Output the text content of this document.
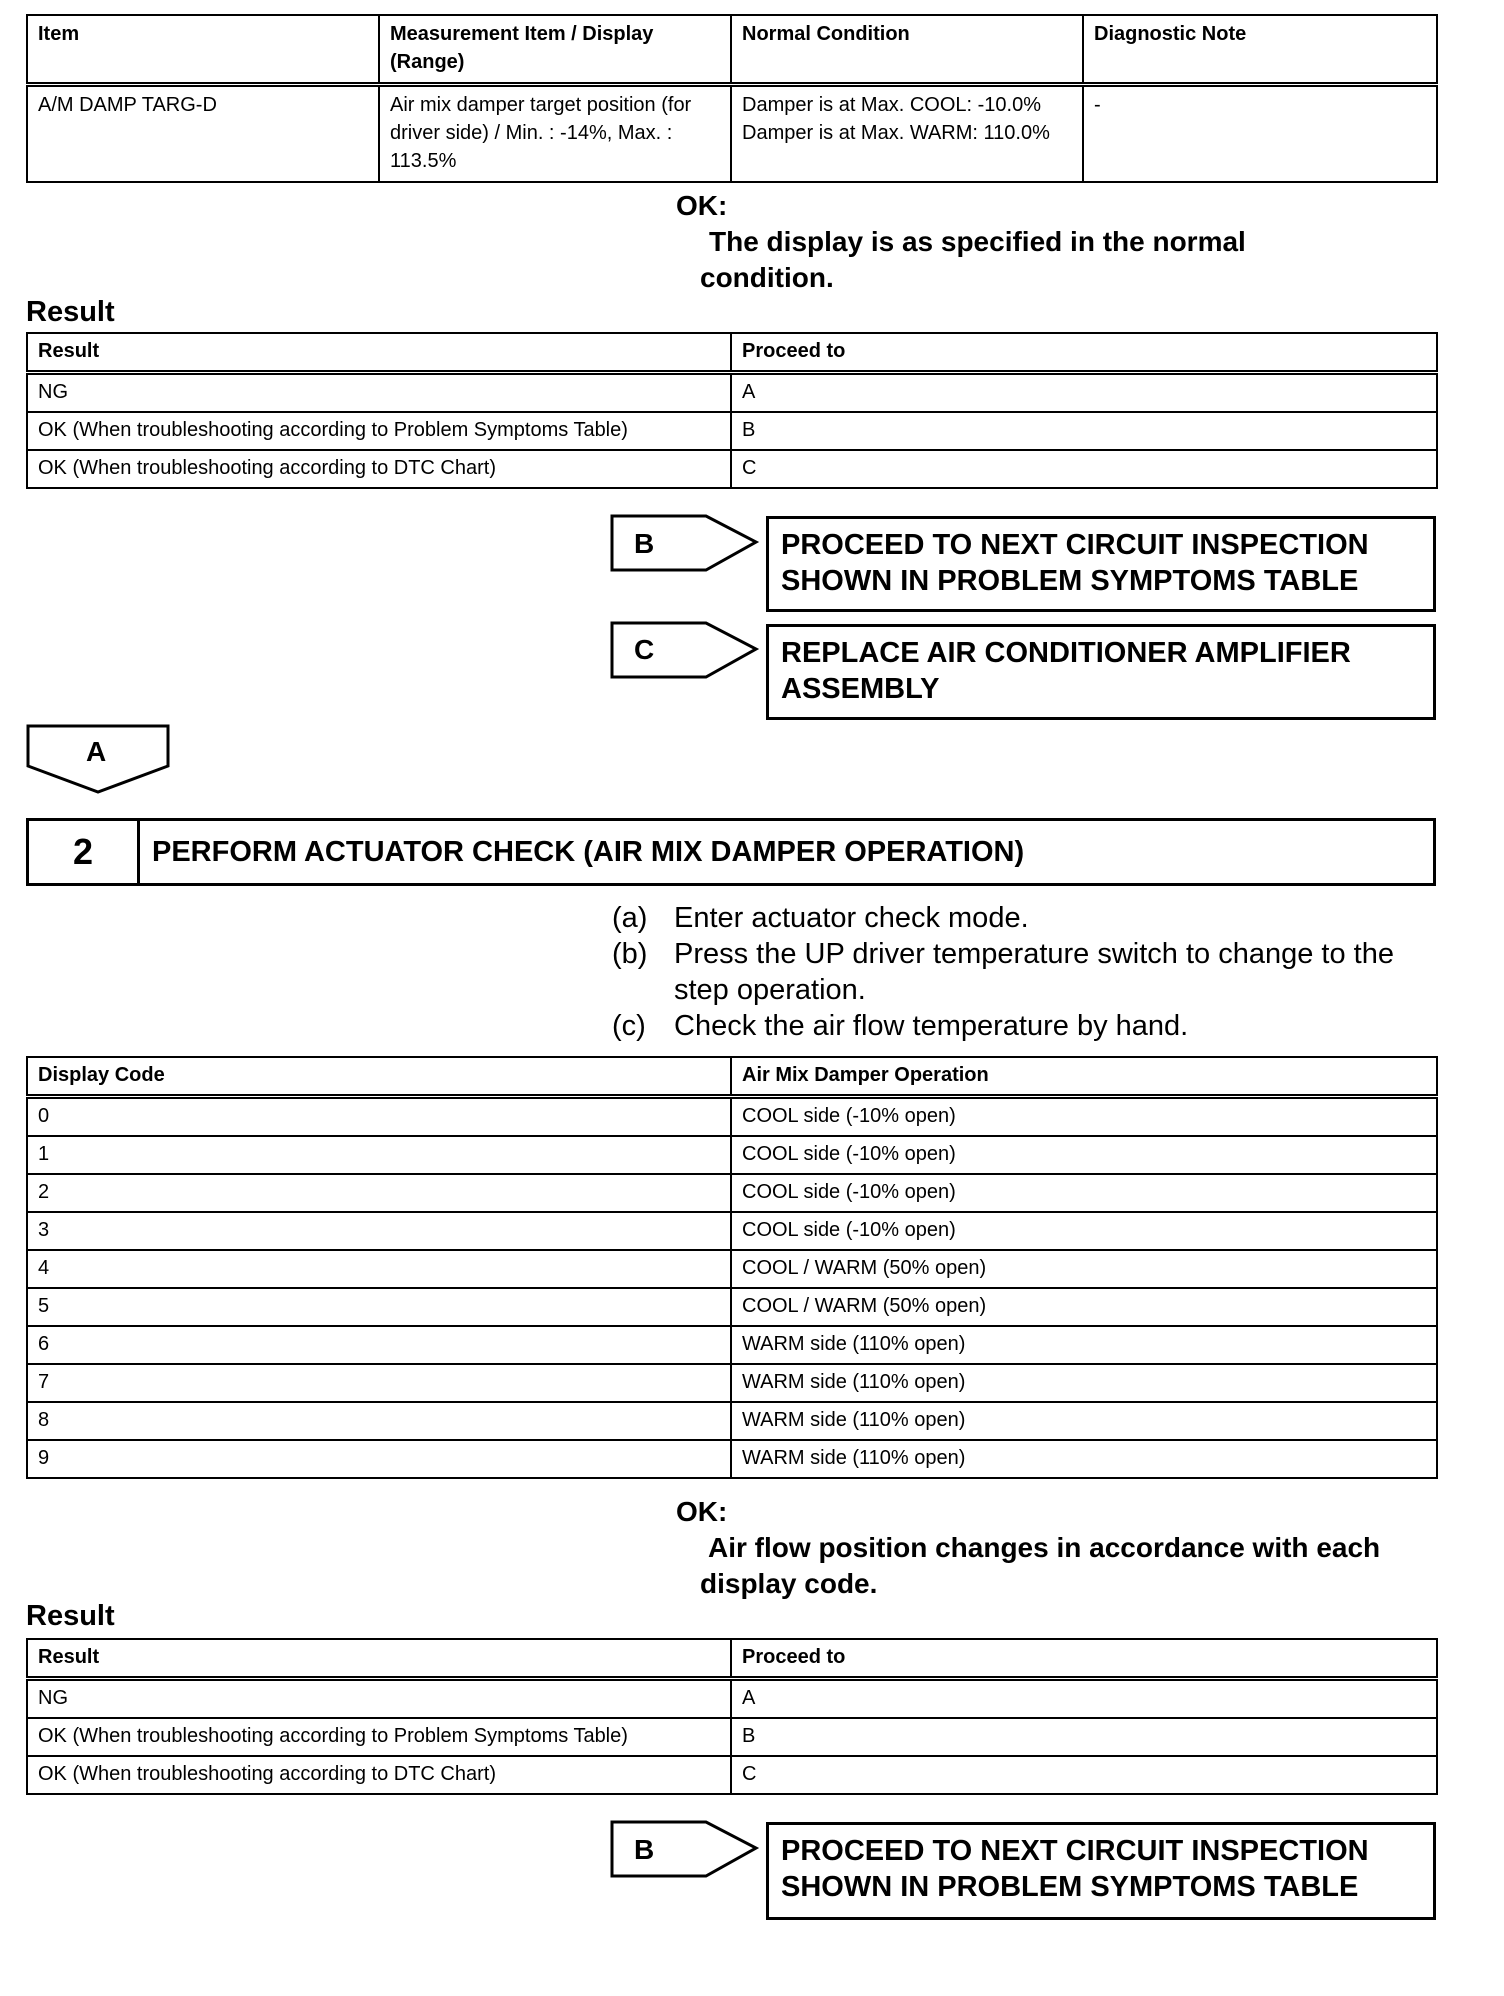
Item	Measurement Item / Display (Range)	Normal Condition	Diagnostic Note
A/M DAMP TARG-D	Air mix damper target position (for driver side) / Min. : -14%, Max. : 113.5%	Damper is at Max. COOL: -10.0% Damper is at Max. WARM: 110.0%	-
OK:
The display is as specified in the normal condition.
Result
Result	Proceed to
NG	A
OK (When troubleshooting according to Problem Symptoms Table)	B
OK (When troubleshooting according to DTC Chart)	C
B	PROCEED TO NEXT CIRCUIT INSPECTION SHOWN IN PROBLEM SYMPTOMS TABLE
C	REPLACE AIR CONDITIONER AMPLIFIER ASSEMBLY
A
2	PERFORM ACTUATOR CHECK (AIR MIX DAMPER OPERATION)
(a) Enter actuator check mode.
(b) Press the UP driver temperature switch to change to the step operation.
(c) Check the air flow temperature by hand.
Display Code	Air Mix Damper Operation
0	COOL side (-10% open)
1	COOL side (-10% open)
2	COOL side (-10% open)
3	COOL side (-10% open)
4	COOL / WARM (50% open)
5	COOL / WARM (50% open)
6	WARM side (110% open)
7	WARM side (110% open)
8	WARM side (110% open)
9	WARM side (110% open)
OK:
Air flow position changes in accordance with each display code.
Result
Result	Proceed to
NG	A
OK (When troubleshooting according to Problem Symptoms Table)	B
OK (When troubleshooting according to DTC Chart)	C
B	PROCEED TO NEXT CIRCUIT INSPECTION SHOWN IN PROBLEM SYMPTOMS TABLE
